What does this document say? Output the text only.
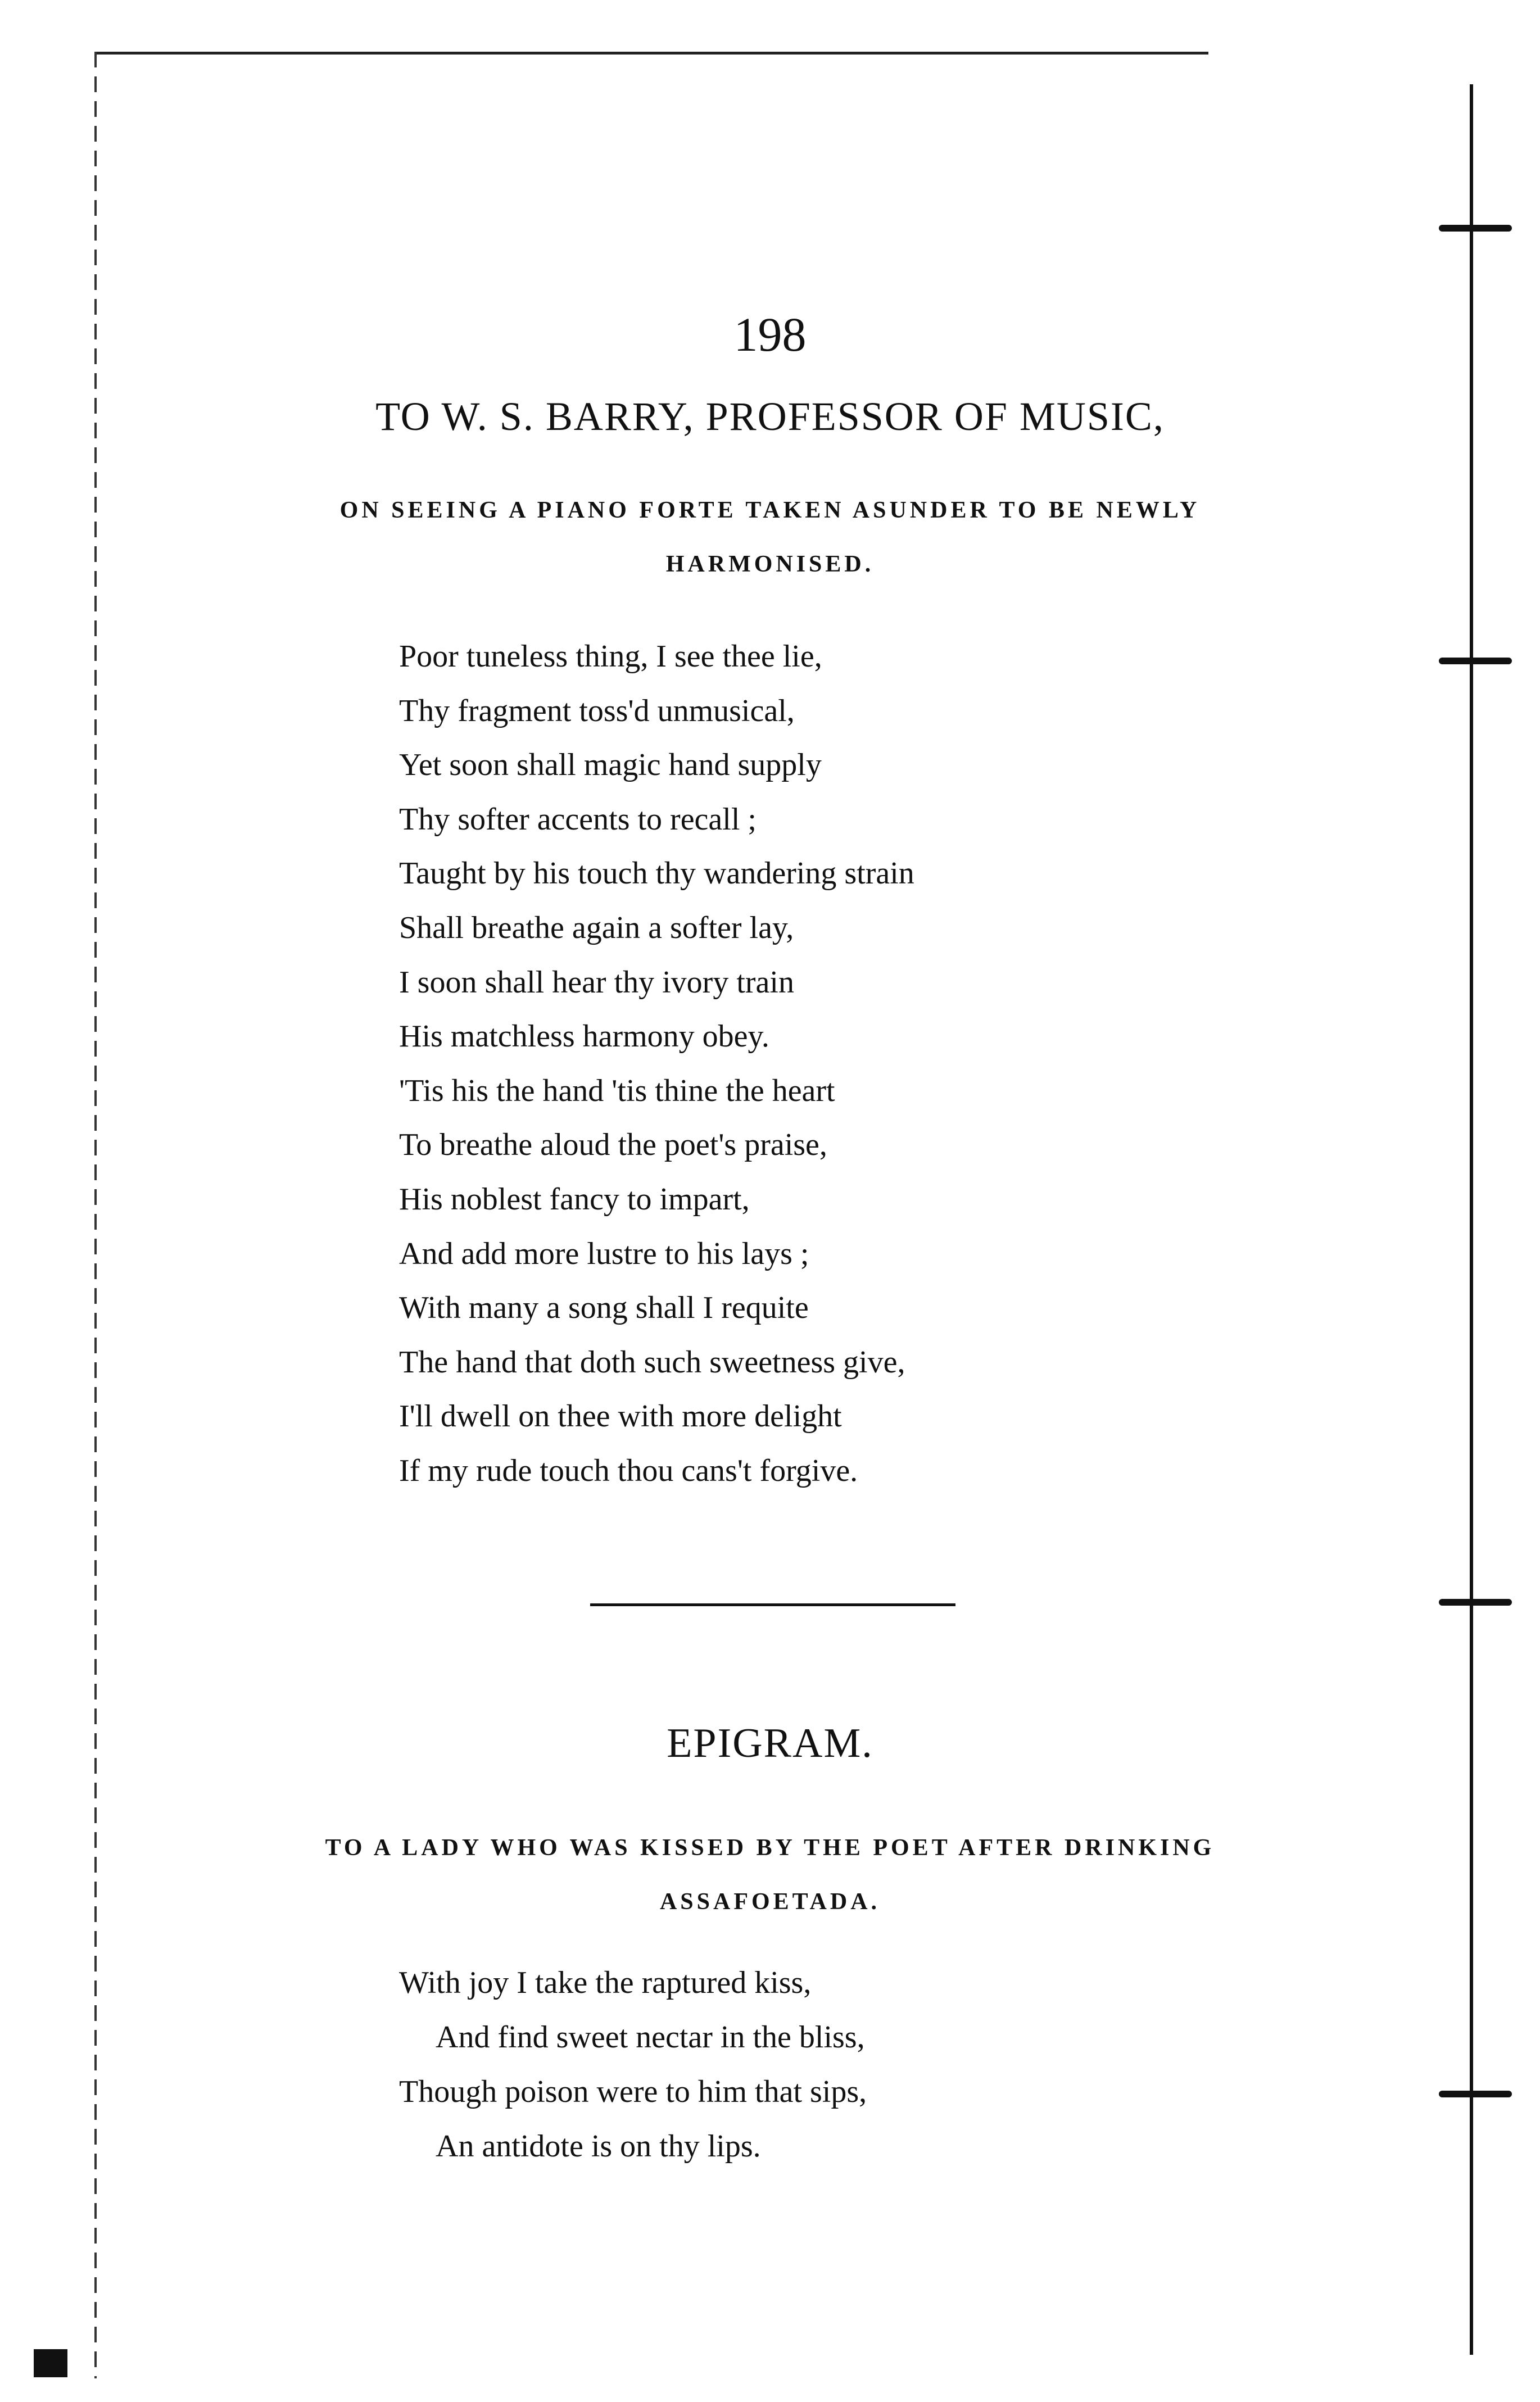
198
TO W. S. BARRY, PROFESSOR OF MUSIC,
ON SEEING A PIANO FORTE TAKEN ASUNDER TO BE NEWLY
HARMONISED.
Poor tuneless thing, I see thee lie,
Thy fragment toss'd unmusical,
Yet soon shall magic hand supply
Thy softer accents to recall ;
Taught by his touch thy wandering strain
Shall breathe again a softer lay,
I soon shall hear thy ivory train
His matchless harmony obey.
'Tis his the hand 'tis thine the heart
To breathe aloud the poet's praise,
His noblest fancy to impart,
And add more lustre to his lays ;
With many a song shall I requite
The hand that doth such sweetness give,
I'll dwell on thee with more delight
If my rude touch thou cans't forgive.
EPIGRAM.
TO A LADY WHO WAS KISSED BY THE POET AFTER DRINKING
ASSAFOETADA.
With joy I take the raptured kiss,
And find sweet nectar in the bliss,
Though poison were to him that sips,
An antidote is on thy lips.
